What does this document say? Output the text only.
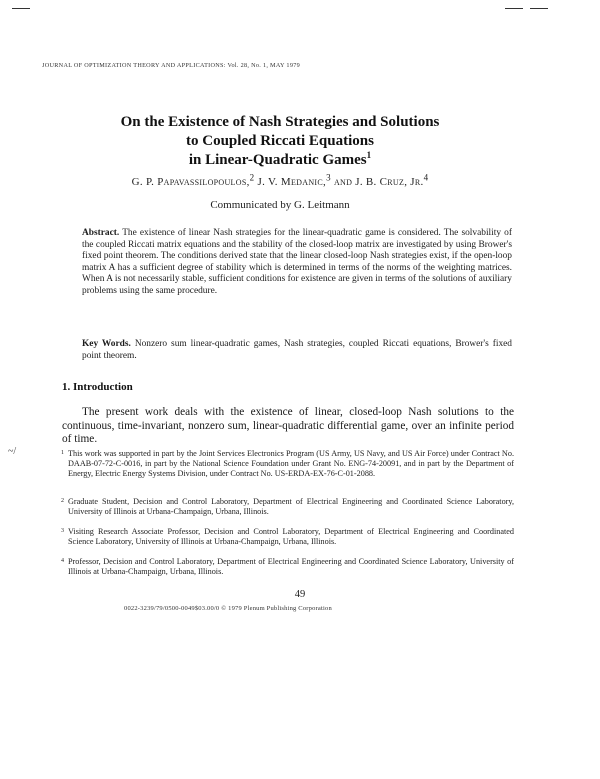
JOURNAL OF OPTIMIZATION THEORY AND APPLICATIONS: Vol. 28, No. 1, MAY 1979
On the Existence of Nash Strategies and Solutions
to Coupled Riccati Equations
in Linear-Quadratic Games$^1$
G. P. Papavassilopoulos,$^2$ J. V. Medanic,$^3$ and J. B. Cruz, Jr.$^4$
Communicated by G. Leitmann
Abstract. The existence of linear Nash strategies for the linear-quadratic game is considered. The solvability of the coupled Riccati matrix equations and the stability of the closed-loop matrix are investigated by using Brower's fixed point theorem. The conditions derived state that the linear closed-loop Nash strategies exist, if the open-loop matrix A has a sufficient degree of stability which is determined in terms of the norms of the weighting matrices. When A is not necessarily stable, sufficient conditions for existence are given in terms of the solutions of auxiliary problems using the same procedure.
Key Words. Nonzero sum linear-quadratic games, Nash strategies, coupled Riccati equations, Brower's fixed point theorem.
1. Introduction
The present work deals with the existence of linear, closed-loop Nash solutions to the continuous, time-invariant, nonzero sum, linear-quadratic differential game, over an infinite period of time.
1 This work was supported in part by the Joint Services Electronics Program (US Army, US Navy, and US Air Force) under Contract No. DAAB-07-72-C-0016, in part by the National Science Foundation under Grant No. ENG-74-20091, and in part by the Department of Energy, Electric Energy Systems Division, under Contract No. US-ERDA-EX-76-C-01-2088.
2 Graduate Student, Decision and Control Laboratory, Department of Electrical Engineering and Coordinated Science Laboratory, University of Illinois at Urbana-Champaign, Urbana, Illinois.
3 Visiting Research Associate Professor, Decision and Control Laboratory, Department of Electrical Engineering and Coordinated Science Laboratory, University of Illinois at Urbana-Champaign, Urbana, Illinois.
4 Professor, Decision and Control Laboratory, Department of Electrical Engineering and Coordinated Science Laboratory, University of Illinois at Urbana-Champaign, Urbana, Illinois.
49
0022-3239/79/0500-0049$03.00/0 © 1979 Plenum Publishing Corporation
~/
